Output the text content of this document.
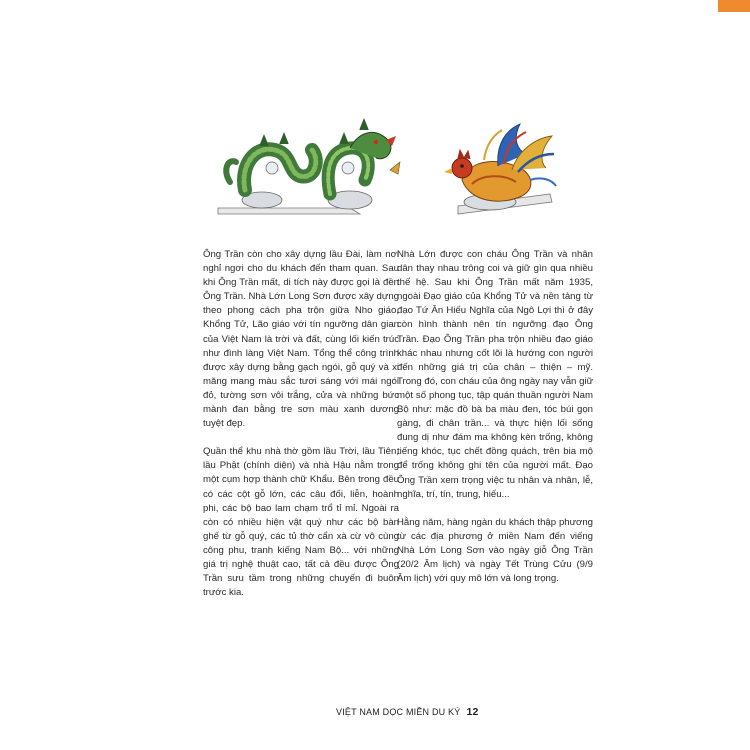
Ông Trần còn cho xây dựng lầu Đài, làm nơi nghỉ ngơi cho du khách đến tham quan. Sau khi Ông Trần mất, di tích này được gọi là đền Ông Trần. Nhà Lớn Long Sơn được xây dựng theo phong cách pha trộn giữa Nho giáo, Khổng Tử, Lão giáo với tín ngưỡng dân gian của Việt Nam là trời và đất, cùng lối kiến trúc như đình làng Việt Nam. Tổng thể công trình được xây dựng bằng gạch ngói, gỗ quý và xi măng mang màu sắc tươi sáng với mái ngói đỏ, tường sơn vôi trắng, cửa và những bức mành đan bằng tre sơn màu xanh dương tuyệt đẹp.

Quần thể khu nhà thờ gồm lầu Trời, lầu Tiên, lầu Phật (chính diện) và nhà Hậu nằm trong một cụm hợp thành chữ Khẩu. Bên trong đều có các cột gỗ lớn, các câu đối, liễn, hoành phi, các bộ bao lam chạm trổ tỉ mỉ. Ngoài ra còn có nhiều hiện vật quý như các bộ bàn ghế từ gỗ quý, các tủ thờ cẩn xà cừ vô cùng công phu, tranh kiếng Nam Bộ... với những giá trị nghệ thuật cao, tất cả đều được Ông Trần sưu tầm trong những chuyến đi buôn trước kia.

Nhà Lớn được con cháu Ông Trần và nhân dân thay nhau trông coi và giữ gìn qua nhiều thế hệ. Sau khi Ông Trần mất năm 1935, ngoài Đạo giáo của Khổng Tử và nền tảng từ đạo Tứ Ân Hiếu Nghĩa của Ngô Lợi thì ở đây còn hình thành nên tín ngưỡng đạo Ông Trần. Đạo Ông Trần pha trộn nhiều đạo giáo khác nhau nhưng cốt lõi là hướng con người đến những giá trị của chân – thiện – mỹ. Trong đó, con cháu của ông ngày nay vẫn giữ một số phong tục, tập quán thuần người Nam Bộ như: mặc đồ bà ba màu đen, tóc búi gọn gàng, đi chân trần... và thực hiện lối sống đung dị như đám ma không kèn trống, không tiếng khóc, tục chết đồng quách, trên bia mộ để trống không ghi tên của người mất. Đạo Ông Trần xem trọng việc tu nhân và nhân, lễ, nghĩa, trí, tín, trung, hiếu...

Hằng năm, hàng ngàn du khách thập phương từ các địa phương ở miền Nam đến viếng Nhà Lớn Long Sơn vào ngày giỗ Ông Trần (20/2 Âm lịch) và ngày Tết Trùng Cửu (9/9 Âm lịch) với quy mô lớn và long trọng.

VIỆT NAM DỌC MIỀN DU KÝ 12
